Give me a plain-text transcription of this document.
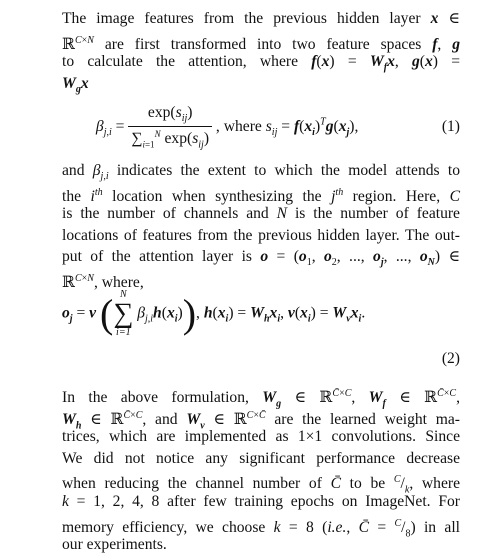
The image features from the previous hidden layer x ∈
ℝ$^{C\times N}$ are first transformed into two feature spaces f, g
to calculate the attention, where $f(x) = W_fx$, g(x) =
$W_gx$
$\beta_{j,i} = \frac{\exp(s_{ij})}{\sum_{i=1}^N \exp(s_{ij})}$ , where $s_{ij} = f(x_i)^Tg(x_j)$,	(1)
and $\beta_{j,i}$ indicates the extent to which the model attends to
the $i^{th}$ location when synthesizing the $j^{th}$ region. Here, C
is the number of channels and N is the number of feature
locations of features from the previous hidden layer. The out-
put of the attention layer is $o = (o_1$, $o_2$, ..., $o_j$, ..., $o_N$) ∈
ℝ$^{C\times N}$, where,
$o_j = v$ ( N
∑
i=1
$\beta_{j,i}h(x_i)$), $h(x_i) = W_hx_i$, $v(x_i) = W_vx_i$.
(2)
In the above formulation, $W_g$ ∈ ℝ$^{C̄\times C}$, $W_f$ ∈ ℝ$^{C̄\times C}$,
$W_h$ ∈ ℝ$^{C̄\times C}$, and $W_v$ ∈ ℝ$^{C\times C̄}$ are the learned weight ma-
trices, which are implemented as 1×1 convolutions. Since
We did not notice any significant performance decrease
when reducing the channel number of C̄ to be $^C/_k$, where
k = 1, 2, 4, 8 after few training epochs on ImageNet. For
memory efficiency, we choose k = 8 (i.e., C̄ = $^C/_8$) in all
our experiments.
